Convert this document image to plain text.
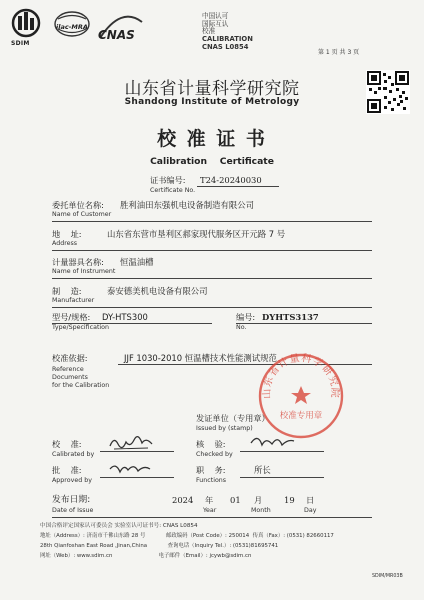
SDIM
ilac-MRA
CNAS
中国认可
国际互认
校准
CALIBRATION
CNAS L0854
第 1 页 共 3 页
山东省计量科学研究院
Shandong Institute of Metrology
校 准 证 书
Calibration    Certificate
证书编号:
Certificate No.
T24-20240030
委托单位名称:
Name of Customer
胜利油田东强机电设备制造有限公司
地    址:
Address
山东省东营市垦利区郝家现代服务区开元路 7 号
计量器具名称:
Name of Instrument
恒温油槽
制    造:
Manufacturer
泰安德美机电设备有限公司
型号/规格:
Type/Specification
DY-HTS300	编号:
No.
DYHTS3137
校准依据:
Reference
Documents
for the Calibration
JJF 1030-2010 恒温槽技术性能测试规范
山东省计量科学研究院
校准专用章
发证单位（专用章）
Issued by (stamp)
校    准:
Calibrated by
核    验:
Checked by
批    准:
Approved by
职    务:
Functions
所长
发布日期:
Date of Issue
2024 年
Year
01 月
Month
19 日
Day
中国合格评定国家认可委员会 实验室认可证书号: CNAS L0854
地址（Address）: 济南市千佛山东路 28 号            邮政编码（Post Code）: 250014  传真（Fax）: (0531) 82660117
28th Qianfoshan East Road ,Jinan,China            查询电话（Inquiry Tel.）: (0531)81695741
网址（Web）: www.sdim.cn                           电子邮件（Email）: jcywb@sdim.cn
SDIM/MR03B
